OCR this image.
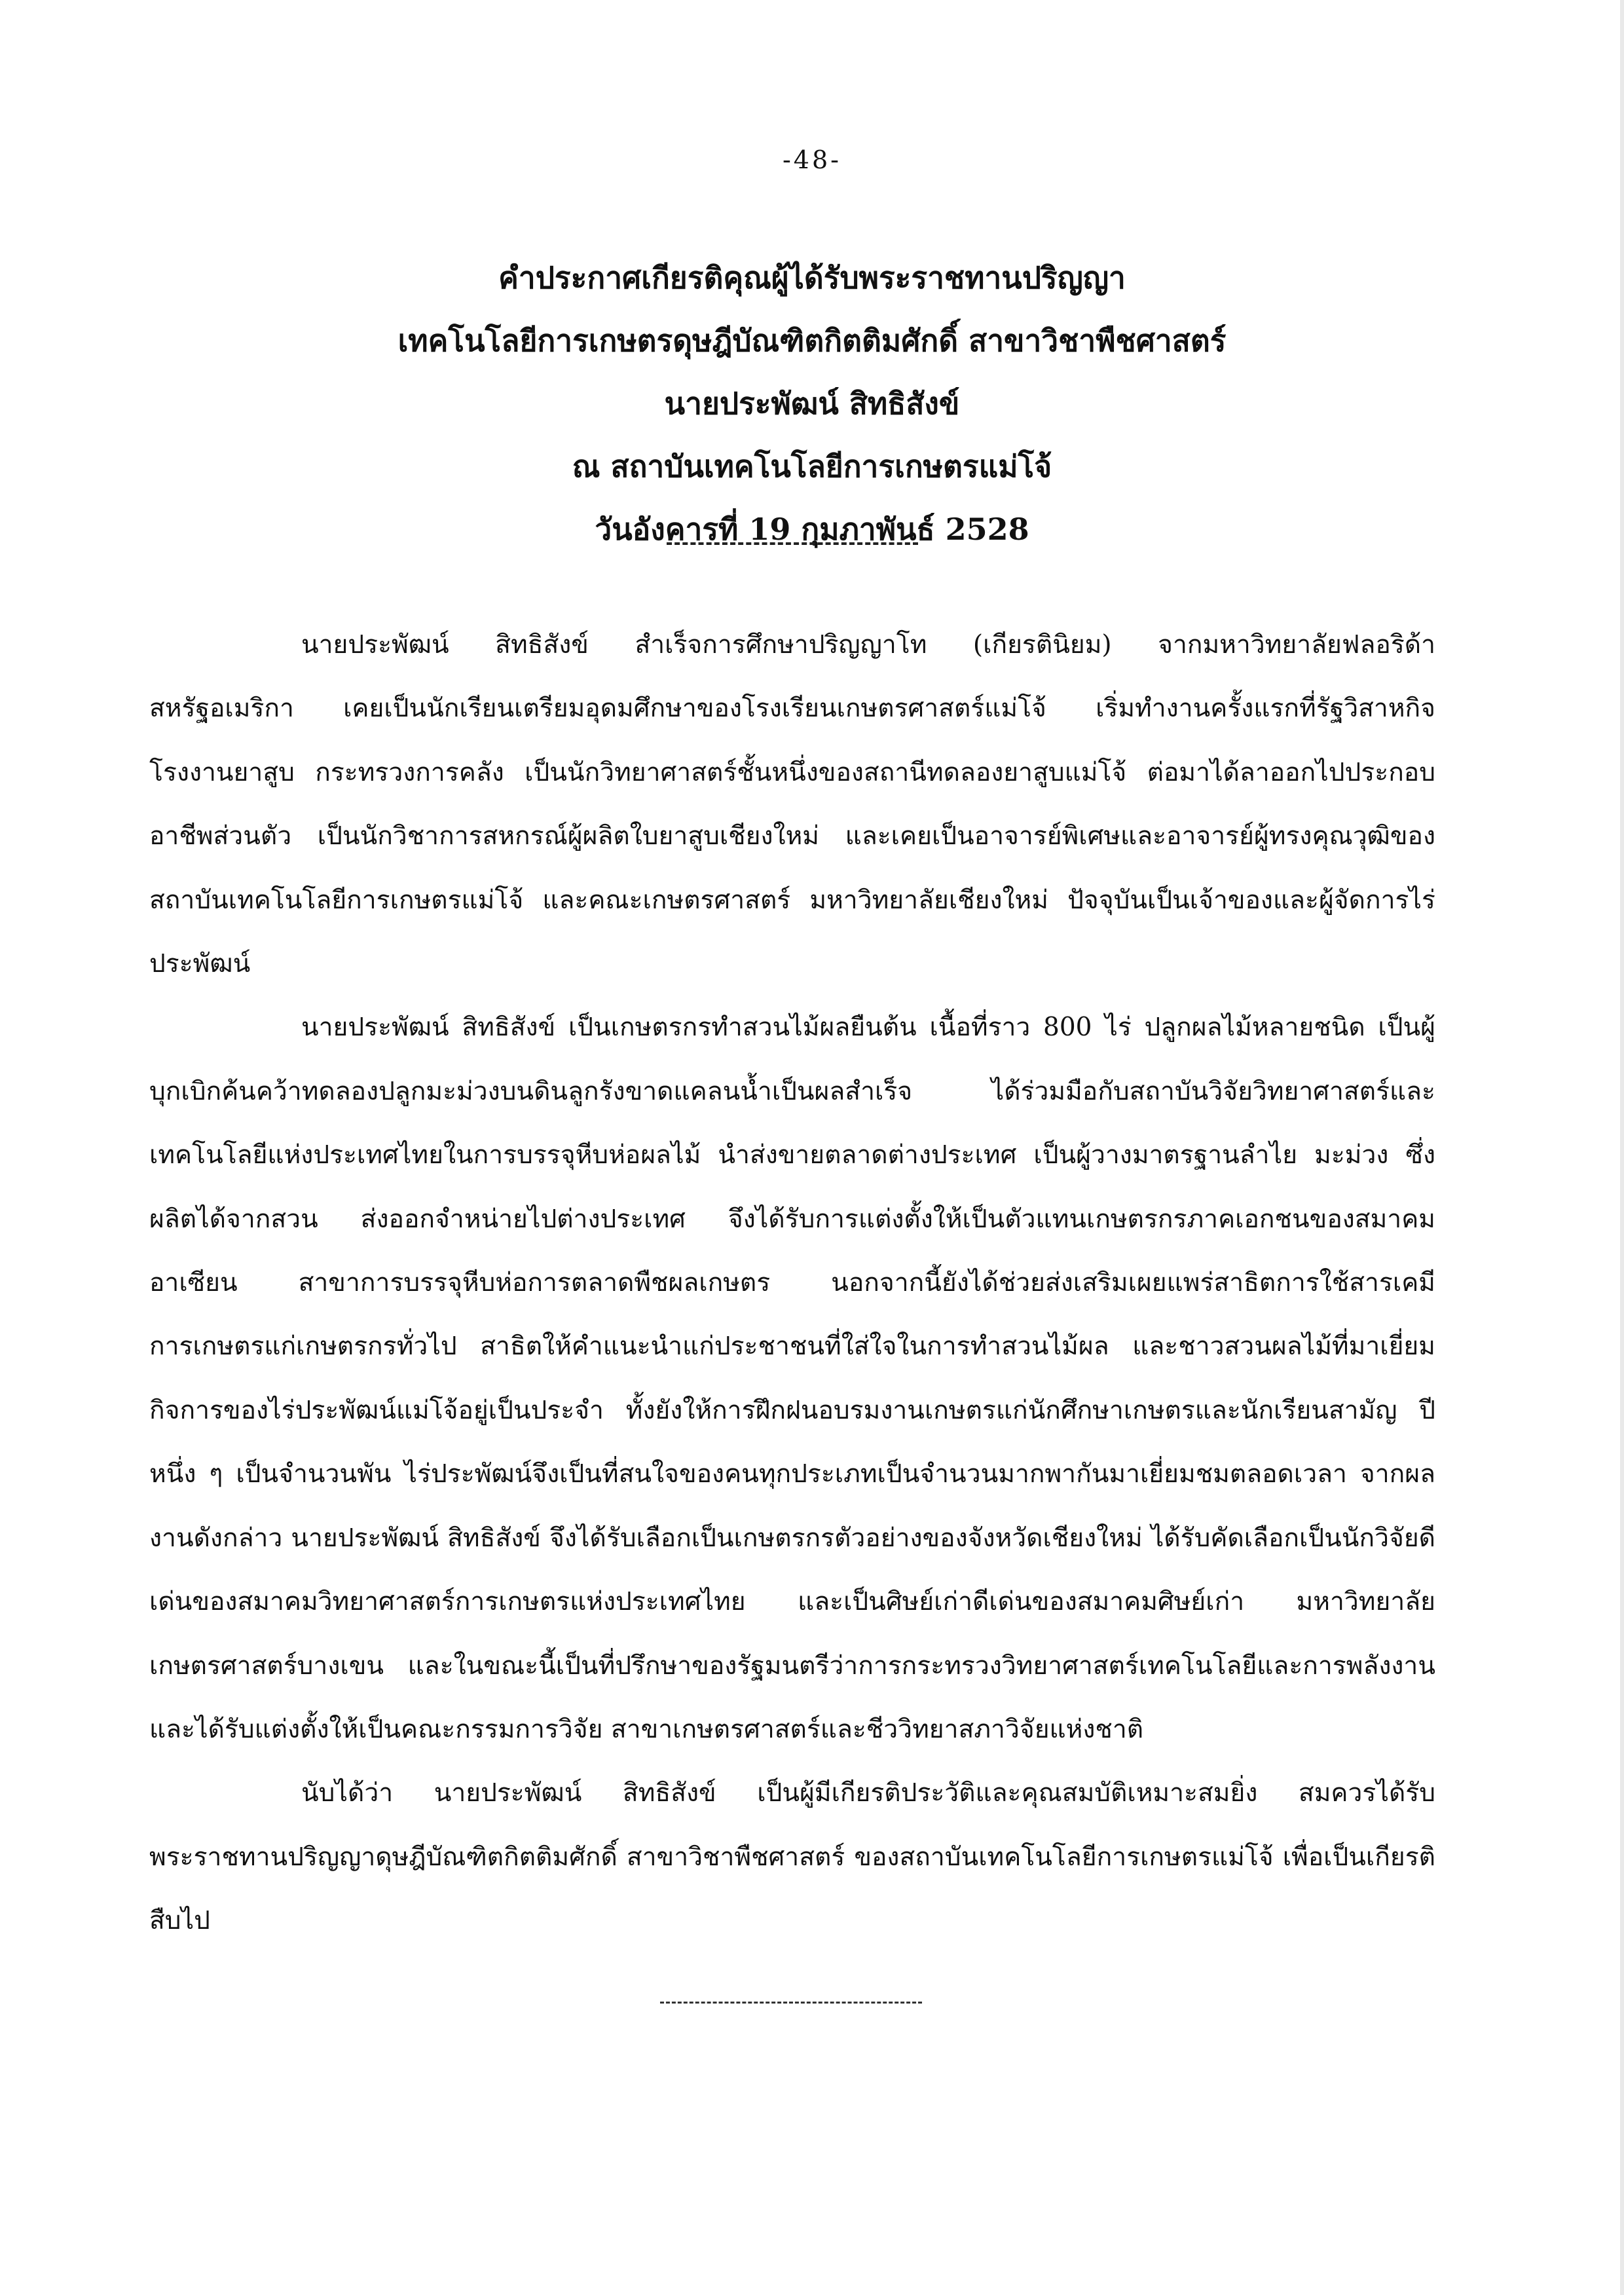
-48-
คำประกาศเกียรติคุณผู้ได้รับพระราชทานปริญญา
เทคโนโลยีการเกษตรดุษฎีบัณฑิตกิตติมศักดิ์ สาขาวิชาพืชศาสตร์
นายประพัฒน์ สิทธิสังข์
ณ สถาบันเทคโนโลยีการเกษตรแม่โจ้
วันอังคารที่ 19 กุมภาพันธ์ 2528

นายประพัฒน์ สิทธิสังข์ สำเร็จการศึกษาปริญญาโท (เกียรตินิยม) จากมหาวิทยาลัยฟลอริด้า สหรัฐอเมริกา เคยเป็นนักเรียนเตรียมอุดมศึกษาของโรงเรียนเกษตรศาสตร์แม่โจ้ เริ่มทำงานครั้งแรกที่รัฐวิสาหกิจ โรงงานยาสูบ กระทรวงการคลัง เป็นนักวิทยาศาสตร์ชั้นหนึ่งของสถานีทดลองยาสูบแม่โจ้ ต่อมาได้ลาออกไปประกอบอาชีพส่วนตัว เป็นนักวิชาการสหกรณ์ผู้ผลิตใบยาสูบเชียงใหม่ และเคยเป็นอาจารย์พิเศษและอาจารย์ผู้ทรงคุณวุฒิของสถาบันเทคโนโลยีการเกษตรแม่โจ้ และคณะเกษตรศาสตร์ มหาวิทยาลัยเชียงใหม่ ปัจจุบันเป็นเจ้าของและผู้จัดการไร่ประพัฒน์

นายประพัฒน์ สิทธิสังข์ เป็นเกษตรกรทำสวนไม้ผลยืนต้น เนื้อที่ราว 800 ไร่ ปลูกผลไม้หลายชนิด เป็นผู้บุกเบิกค้นคว้าทดลองปลูกมะม่วงบนดินลูกรังขาดแคลนน้ำเป็นผลสำเร็จ ได้ร่วมมือกับสถาบันวิจัยวิทยาศาสตร์และเทคโนโลยีแห่งประเทศไทยในการบรรจุหีบห่อผลไม้ นำส่งขายตลาดต่างประเทศ เป็นผู้วางมาตรฐานลำไย มะม่วง ซึ่งผลิตได้จากสวน ส่งออกจำหน่ายไปต่างประเทศ จึงได้รับการแต่งตั้งให้เป็นตัวแทนเกษตรกรภาคเอกชนของสมาคมอาเซียน สาขาการบรรจุหีบห่อการตลาดพืชผลเกษตร นอกจากนี้ยังได้ช่วยส่งเสริมเผยแพร่สาธิตการใช้สารเคมีการเกษตรแก่เกษตรกรทั่วไป สาธิตให้คำแนะนำแก่ประชาชนที่ใส่ใจในการทำสวนไม้ผล และชาวสวนผลไม้ที่มาเยี่ยมกิจการของไร่ประพัฒน์แม่โจ้อยู่เป็นประจำ ทั้งยังให้การฝึกฝนอบรมงานเกษตรแก่นักศึกษาเกษตรและนักเรียนสามัญ ปีหนึ่ง ๆ เป็นจำนวนพัน ไร่ประพัฒน์จึงเป็นที่สนใจของคนทุกประเภทเป็นจำนวนมากพากันมาเยี่ยมชมตลอดเวลา จากผลงานดังกล่าว นายประพัฒน์ สิทธิสังข์ จึงได้รับเลือกเป็นเกษตรกรตัวอย่างของจังหวัดเชียงใหม่ ได้รับคัดเลือกเป็นนักวิจัยดีเด่นของสมาคมวิทยาศาสตร์การเกษตรแห่งประเทศไทย และเป็นศิษย์เก่าดีเด่นของสมาคมศิษย์เก่า มหาวิทยาลัยเกษตรศาสตร์บางเขน และในขณะนี้เป็นที่ปรึกษาของรัฐมนตรีว่าการกระทรวงวิทยาศาสตร์เทคโนโลยีและการพลังงาน และได้รับแต่งตั้งให้เป็นคณะกรรมการวิจัย สาขาเกษตรศาสตร์และชีววิทยาสภาวิจัยแห่งชาติ

นับได้ว่า นายประพัฒน์ สิทธิสังข์ เป็นผู้มีเกียรติประวัติและคุณสมบัติเหมาะสมยิ่ง สมควรได้รับพระราชทานปริญญาดุษฎีบัณฑิตกิตติมศักดิ์ สาขาวิชาพืชศาสตร์ ของสถาบันเทคโนโลยีการเกษตรแม่โจ้ เพื่อเป็นเกียรติสืบไป
